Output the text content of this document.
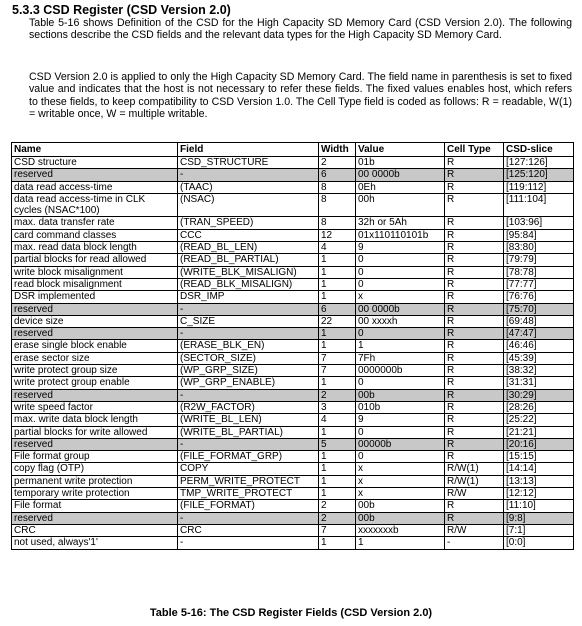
5.3.3 CSD Register (CSD Version 2.0)
Table 5-16 shows Definition of the CSD for the High Capacity SD Memory Card (CSD Version 2.0). The following sections describe the CSD fields and the relevant data types for the High Capacity SD Memory Card.
CSD Version 2.0 is applied to only the High Capacity SD Memory Card. The field name in parenthesis is set to fixed value and indicates that the host is not necessary to refer these fields. The fixed values enables host, which refers to these fields, to keep compatibility to CSD Version 1.0. The Cell Type field is coded as follows: R = readable, W(1) = writable once, W = multiple writable.
Name	Field	Width	Value	Cell Type	CSD-slice
CSD structure	CSD_STRUCTURE	2	01b	R	[127:126]
reserved	-	6	00 0000b	R	[125:120]
data read access-time	(TAAC)	8	0Eh	R	[119:112]
data read access-time in CLK cycles (NSAC*100)	(NSAC)	8	00h	R	[111:104]
max. data transfer rate	(TRAN_SPEED)	8	32h or 5Ah	R	[103:96]
card command classes	CCC	12	01x110110101b	R	[95:84]
max. read data block length	(READ_BL_LEN)	4	9	R	[83:80]
partial blocks for read allowed	(READ_BL_PARTIAL)	1	0	R	[79:79]
write block misalignment	(WRITE_BLK_MISALIGN)	1	0	R	[78:78]
read block misalignment	(READ_BLK_MISALIGN)	1	0	R	[77:77]
DSR implemented	DSR_IMP	1	x	R	[76:76]
reserved	-	6	00 0000b	R	[75:70]
device size	C_SIZE	22	00 xxxxh	R	[69:48]
reserved	-	1	0	R	[47:47]
erase single block enable	(ERASE_BLK_EN)	1	1	R	[46:46]
erase sector size	(SECTOR_SIZE)	7	7Fh	R	[45:39]
write protect group size	(WP_GRP_SIZE)	7	0000000b	R	[38:32]
write protect group enable	(WP_GRP_ENABLE)	1	0	R	[31:31]
reserved	-	2	00b	R	[30:29]
write speed factor	(R2W_FACTOR)	3	010b	R	[28:26]
max. write data block length	(WRITE_BL_LEN)	4	9	R	[25:22]
partial blocks for write allowed	(WRITE_BL_PARTIAL)	1	0	R	[21:21]
reserved	-	5	00000b	R	[20:16]
File format group	(FILE_FORMAT_GRP)	1	0	R	[15:15]
copy flag (OTP)	COPY	1	x	R/W(1)	[14:14]
permanent write protection	PERM_WRITE_PROTECT	1	x	R/W(1)	[13:13]
temporary write protection	TMP_WRITE_PROTECT	1	x	R/W	[12:12]
File format	(FILE_FORMAT)	2	00b	R	[11:10]
reserved	-	2	00b	R	[9:8]
CRC	CRC	7	xxxxxxxb	R/W	[7:1]
not used, always'1'	-	1	1	-	[0:0]
Table 5-16: The CSD Register Fields (CSD Version 2.0)
